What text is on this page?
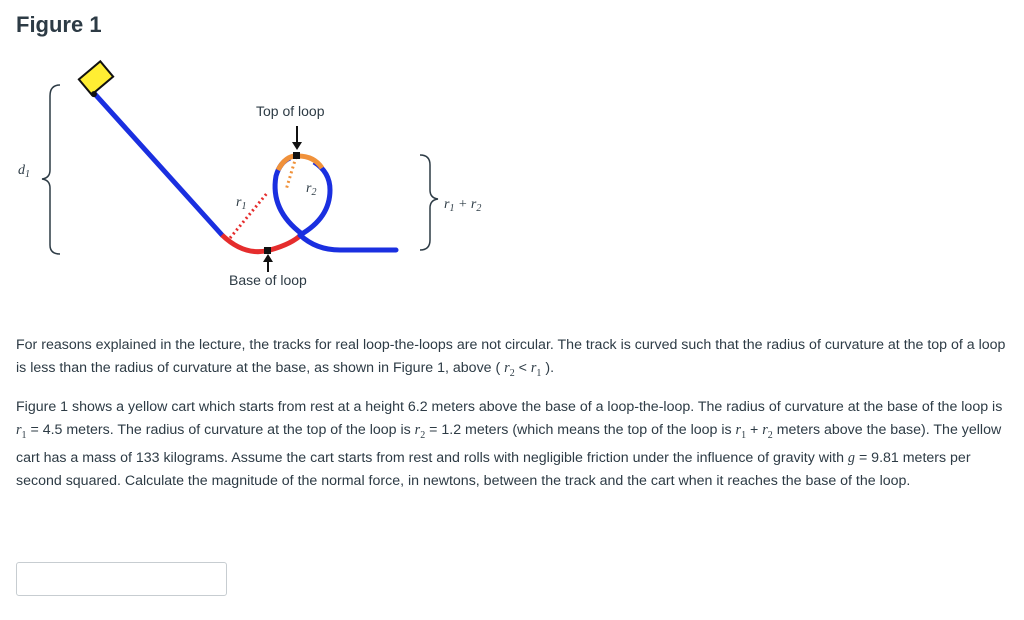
Figure 1
$d_1$
Top of loop
Base of loop
$r_1$
$r_2$
$r_1 + r_2$

For reasons explained in the lecture, the tracks for real loop-the-loops are not circular. The track is curved such that the radius of curvature at the top of a loop is less than the radius of curvature at the base, as shown in Figure 1, above ( $r_2 < r_1$ ).

Figure 1 shows a yellow cart which starts from rest at a height 6.2 meters above the base of a loop-the-loop. The radius of curvature at the base of the loop is $r_1 = 4.5$ meters. The radius of curvature at the top of the loop is $r_2 = 1.2$ meters (which means the top of the loop is $r_1 + r_2$ meters above the base). The yellow cart has a mass of 133 kilograms. Assume the cart starts from rest and rolls with negligible friction under the influence of gravity with g = 9.81 meters per second squared. Calculate the magnitude of the normal force, in newtons, between the track and the cart when it reaches the base of the loop.
